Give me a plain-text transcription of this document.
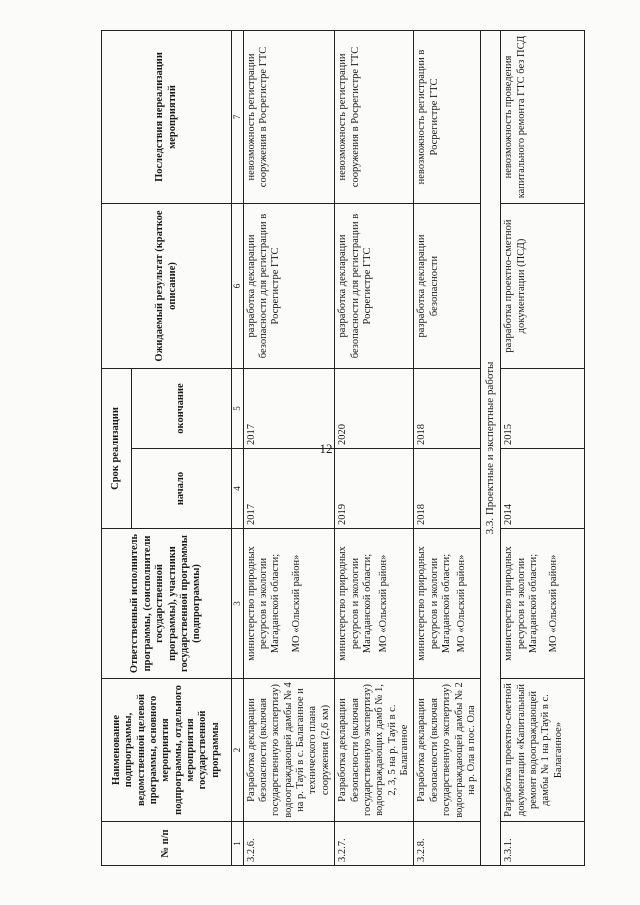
12
№ п/п	Наименование подпрограммы, ведомственной целевой программы, основного мероприятия подпрограммы, отдельного мероприятия государственной программы	Ответственный исполнитель программы, (соисполнители государственной программы), участники государственной программы (подпрограммы)	Срок реализации		Ожидаемый результат (краткое описание)	Последствия нереализации мероприятий
			начало	окончание		
1	2	3	4	5	6	7
3.2.6.	Разработка декларации безопасности (включая государственную экспертизу) водоограждающей дамбы № 4 на р. Тауй в с. Балаганное и технического плана сооружения (2,6 км)	министерство природных ресурсов и экологии Магаданской области; МО «Ольский район»	2017	2017	разработка декларации безопасности для регистрации в Росрегистре ГТС	невозможность регистрации сооружения в Росрегистре ГТС
3.2.7.	Разработка декларации безопасности (включая государственную экспертизу) водоограждающих дамб № 1, 2, 3, 5 на р. Тауй в с. Балаганное	министерство природных ресурсов и экологии Магаданской области; МО «Ольский район»	2019	2020	разработка декларации безопасности для регистрации в Росрегистре ГТС	невозможность регистрации сооружения в Росрегистре ГТС
3.2.8.	Разработка декларации безопасности (включая государственную экспертизу) водоограждающей дамбы № 2 на р. Ола в пос. Ола	министерство природных ресурсов и экологии Магаданской области; МО «Ольский район»	2018	2018	разработка декларации безопасности	невозможность регистрации в Росрегистре ГТС
3.3. Проектные и экспертные работы						
3.3.1.	Разработка проектно-сметной документации «Капитальный ремонт водоограждающей дамбы № 1 на р.Тауй в с. Балаганное»	министерство природных ресурсов и экологии Магаданской области; МО «Ольский район»	2014	2015	разработка проектно-сметной документации (ПСД)	невозможность проведения капитального ремонта ГТС без ПСД
